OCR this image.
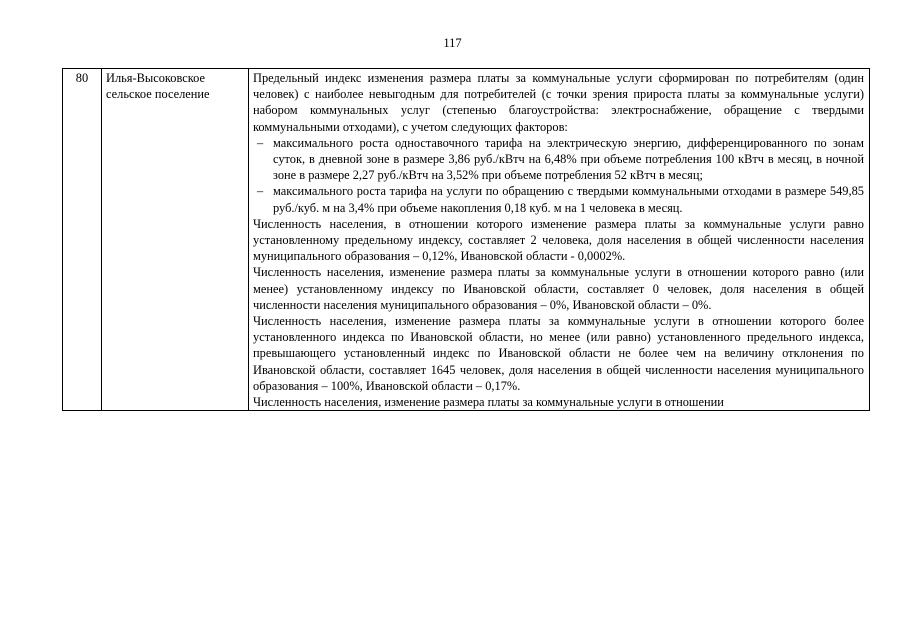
117
80	Илья-Высоковское сельское поселение	

Предельный индекс изменения размера платы за коммунальные услуги сформирован по потребителям (один человек) с наиболее невыгодным для потребителей (с точки зрения прироста платы за коммунальные услуги) набором коммунальных услуг (степенью благоустройства: электроснабжение, обращение с твердыми коммунальными отходами), с учетом следующих факторов:

– максимального роста одноставочного тарифа на электрическую энергию, дифференцированного по зонам суток, в дневной зоне в размере 3,86 руб./кВтч на 6,48% при объеме потребления 100 кВтч в месяц, в ночной зоне в размере 2,27 руб./кВтч на 3,52% при объеме потребления 52 кВтч в месяц;
– максимального роста тарифа на услуги по обращению с твердыми коммунальными отходами в размере 549,85 руб./куб. м на 3,4% при объеме накопления 0,18 куб. м на 1 человека в месяц.

Численность населения, в отношении которого изменение размера платы за коммунальные услуги равно установленному предельному индексу, составляет 2 человека, доля населения в общей численности населения муниципального образования – 0,12%, Ивановской области - 0,0002%.

Численность населения, изменение размера платы за коммунальные услуги в отношении которого равно (или менее) установленному индексу по Ивановской области, составляет 0 человек, доля населения в общей численности населения муниципального образования – 0%, Ивановской области – 0%.

Численность населения, изменение размера платы за коммунальные услуги в отношении которого более установленного индекса по Ивановской области, но менее (или равно) установленного предельного индекса, превышающего установленный индекс по Ивановской области не более чем на величину отклонения по Ивановской области, составляет 1645 человек, доля населения в общей численности населения муниципального образования – 100%, Ивановской области – 0,17%.

Численность населения, изменение размера платы за коммунальные услуги в отношении
